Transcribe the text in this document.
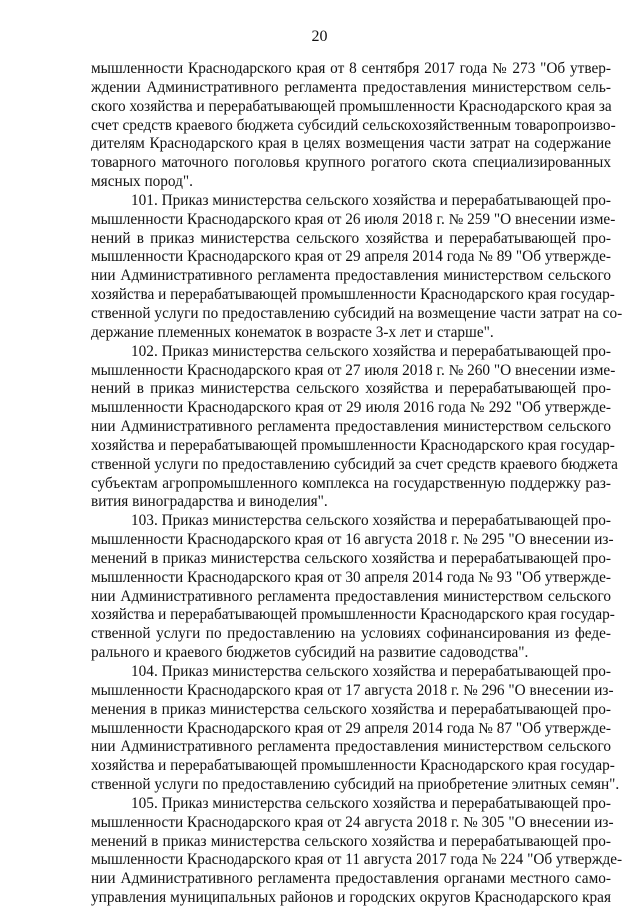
20
мышленности Краснодарского края от 8 сентября 2017 года № 273 "Об утвер-
ждении Административного регламента предоставления министерством сель-
ского хозяйства и перерабатывающей промышленности Краснодарского края за
счет средств краевого бюджета субсидий сельскохозяйственным товаропроизво-
дителям Краснодарского края в целях возмещения части затрат на содержание
товарного маточного поголовья крупного рогатого скота специализированных
мясных пород".
101. Приказ министерства сельского хозяйства и перерабатывающей про-
мышленности Краснодарского края от 26 июля 2018 г. № 259 "О внесении изме-
нений в приказ министерства сельского хозяйства и перерабатывающей про-
мышленности Краснодарского края от 29 апреля 2014 года № 89 "Об утвержде-
нии Административного регламента предоставления министерством сельского
хозяйства и перерабатывающей промышленности Краснодарского края государ-
ственной услуги по предоставлению субсидий на возмещение части затрат на со-
держание племенных конематок в возрасте 3-х лет и старше".
102. Приказ министерства сельского хозяйства и перерабатывающей про-
мышленности Краснодарского края от 27 июля 2018 г. № 260 "О внесении изме-
нений в приказ министерства сельского хозяйства и перерабатывающей про-
мышленности Краснодарского края от 29 июля 2016 года № 292 "Об утвержде-
нии Административного регламента предоставления министерством сельского
хозяйства и перерабатывающей промышленности Краснодарского края государ-
ственной услуги по предоставлению субсидий за счет средств краевого бюджета
субъектам агропромышленного комплекса на государственную поддержку раз-
вития виноградарства и виноделия".
103. Приказ министерства сельского хозяйства и перерабатывающей про-
мышленности Краснодарского края от 16 августа 2018 г. № 295 "О внесении из-
менений в приказ министерства сельского хозяйства и перерабатывающей про-
мышленности Краснодарского края от 30 апреля 2014 года № 93 "Об утвержде-
нии Административного регламента предоставления министерством сельского
хозяйства и перерабатывающей промышленности Краснодарского края государ-
ственной услуги по предоставлению на условиях софинансирования из феде-
рального и краевого бюджетов субсидий на развитие садоводства".
104. Приказ министерства сельского хозяйства и перерабатывающей про-
мышленности Краснодарского края от 17 августа 2018 г. № 296 "О внесении из-
менения в приказ министерства сельского хозяйства и перерабатывающей про-
мышленности Краснодарского края от 29 апреля 2014 года № 87 "Об утвержде-
нии Административного регламента предоставления министерством сельского
хозяйства и перерабатывающей промышленности Краснодарского края государ-
ственной услуги по предоставлению субсидий на приобретение элитных семян".
105. Приказ министерства сельского хозяйства и перерабатывающей про-
мышленности Краснодарского края от 24 августа 2018 г. № 305 "О внесении из-
менений в приказ министерства сельского хозяйства и перерабатывающей про-
мышленности Краснодарского края от 11 августа 2017 года № 224 "Об утвержде-
нии Административного регламента предоставления органами местного само-
управления муниципальных районов и городских округов Краснодарского края
